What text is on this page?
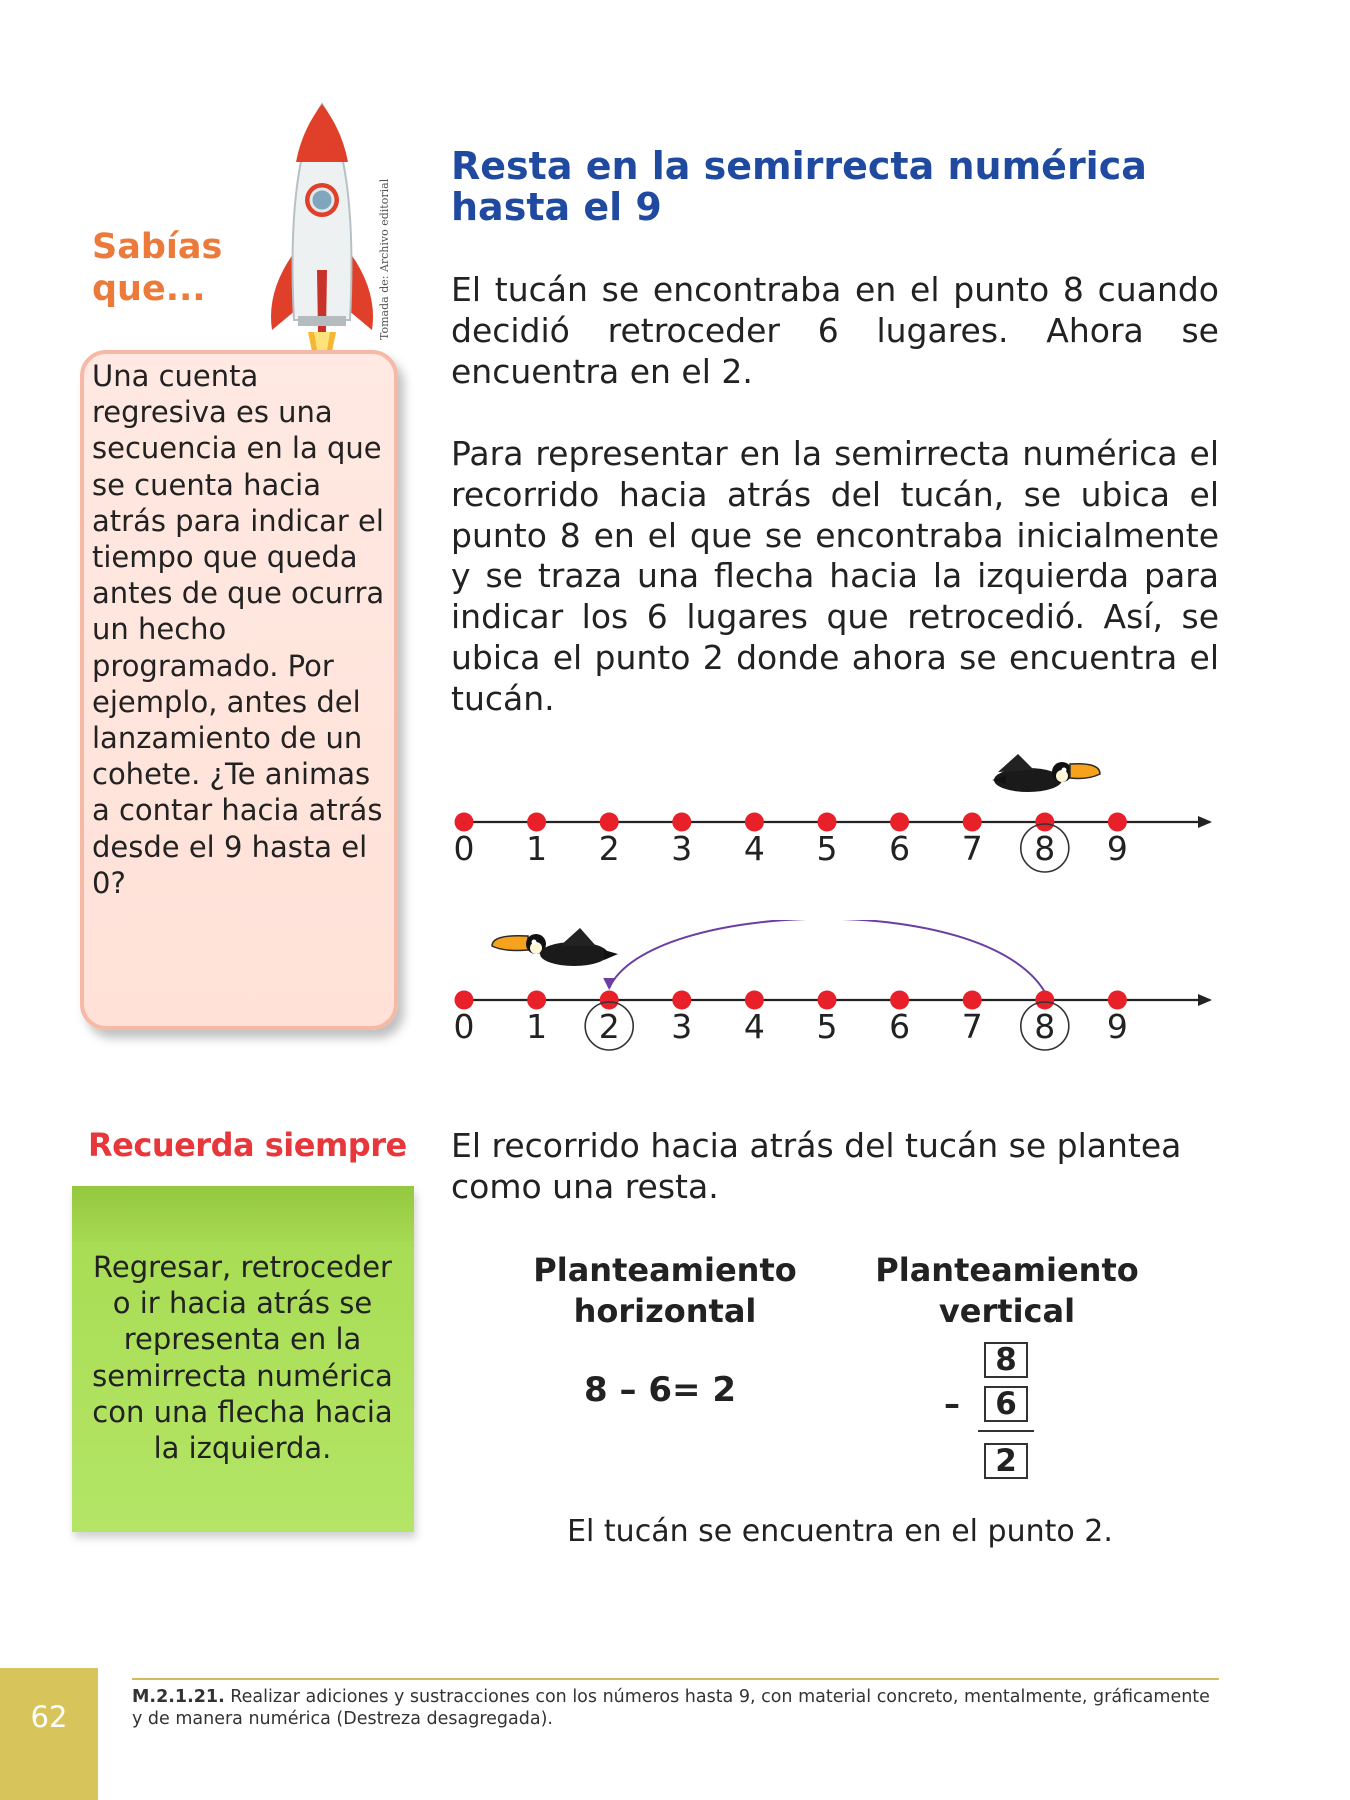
Sabías que...	Tomada de: Archivo editorial
Una cuenta regresiva es una secuencia en la que se cuenta hacia atrás para indicar el tiempo que queda antes de que ocurra un hecho programado. Por ejemplo, antes del lanzamiento de un cohete. ¿Te animas a contar hacia atrás desde el 9 hasta el 0?
Recuerda siempre
Regresar, retroceder o ir hacia atrás se representa en la semirrecta numérica con una flecha hacia la izquierda.
Resta en la semirrecta numérica hasta el 9
El tucán se encontraba en el punto 8 cuando decidió retroceder 6 lugares. Ahora se encuentra en el 2.
Para representar en la semirrecta numérica el recorrido hacia atrás del tucán, se ubica el punto 8 en el que se encontraba inicialmente y se traza una flecha hacia la izquierda para indicar los 6 lugares que retrocedió. Así, se ubica el punto 2 donde ahora se encuentra el tucán.
0 1 2 3 4 5 6 7 8 9
0 1 2 3 4 5 6 7 8 9
El recorrido hacia atrás del tucán se plantea como una resta.
Planteamiento horizontal
Planteamiento vertical
8 – 6= 2
8
–	6
2
El tucán se encuentra en el punto 2.
M.2.1.21. Realizar adiciones y sustracciones con los números hasta 9, con material concreto, mentalmente, gráficamente y de manera numérica (Destreza desagregada).
62
